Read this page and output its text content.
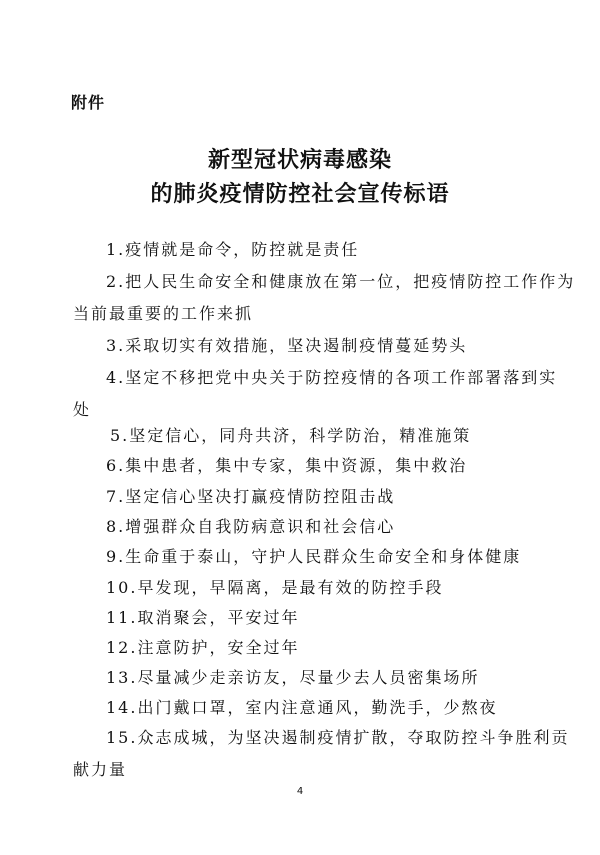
附件
新型冠状病毒感染
的肺炎疫情防控社会宣传标语
1.疫情就是命令，防控就是责任
2.把人民生命安全和健康放在第一位，把疫情防控工作作为
当前最重要的工作来抓
3.采取切实有效措施，坚决遏制疫情蔓延势头
4.坚定不移把党中央关于防控疫情的各项工作部署落到实
处
5.坚定信心，同舟共济，科学防治，精准施策
6.集中患者，集中专家，集中资源，集中救治
7.坚定信心坚决打赢疫情防控阻击战
8.增强群众自我防病意识和社会信心
9.生命重于泰山，守护人民群众生命安全和身体健康
10.早发现，早隔离，是最有效的防控手段
11.取消聚会，平安过年
12.注意防护，安全过年
13.尽量减少走亲访友，尽量少去人员密集场所
14.出门戴口罩，室内注意通风，勤洗手，少熬夜
15.众志成城，为坚决遏制疫情扩散，夺取防控斗争胜利贡
献力量
4
